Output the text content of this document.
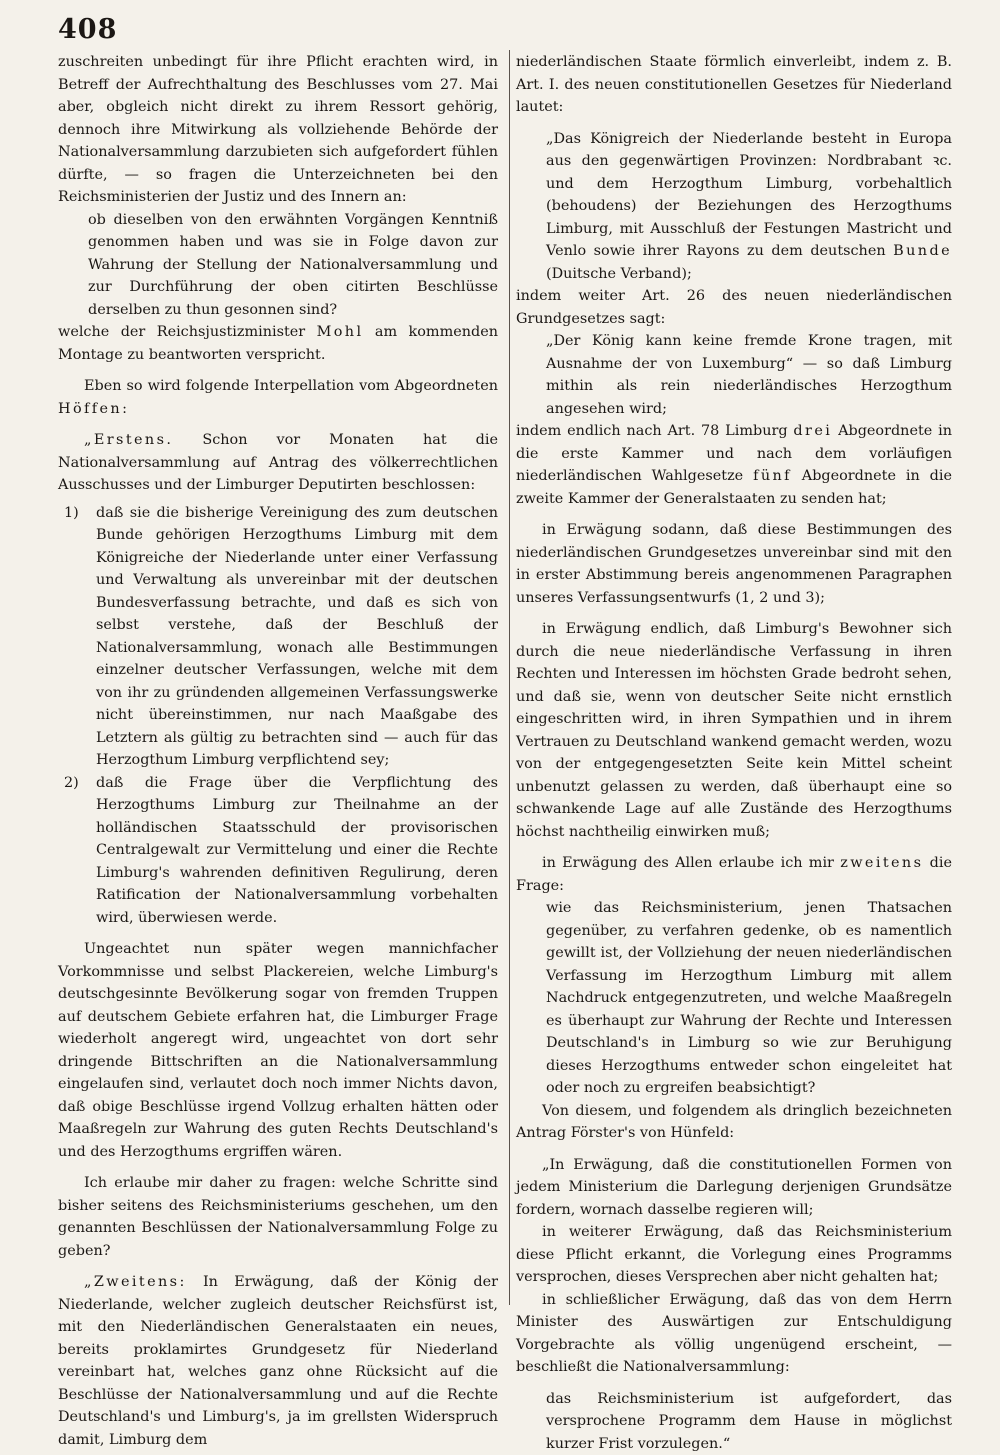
408

zuschreiten unbedingt für ihre Pflicht erachten wird, in Betreff der Aufrechthaltung des Beschlusses vom 27. Mai aber, obgleich nicht direkt zu ihrem Ressort gehörig, dennoch ihre Mitwirkung als vollziehende Behörde der Nationalversammlung darzubieten sich aufgefordert fühlen dürfte, — so fragen die Unterzeichneten bei den Reichsministerien der Justiz und des Innern an:

ob dieselben von den erwähnten Vorgängen Kenntniß genommen haben und was sie in Folge davon zur Wahrung der Stellung der Nationalversammlung und zur Durchführung der oben citirten Beschlüsse derselben zu thun gesonnen sind?

welche der Reichsjustizminister Mohl am kommenden Montage zu beantworten verspricht.

Eben so wird folgende Interpellation vom Abgeordneten Höffen:

„Erstens. Schon vor Monaten hat die Nationalversammlung auf Antrag des völkerrechtlichen Ausschusses und der Limburger Deputirten beschlossen:

1) daß sie die bisherige Vereinigung des zum deutschen Bunde gehörigen Herzogthums Limburg mit dem Königreiche der Niederlande unter einer Verfassung und Verwaltung als unvereinbar mit der deutschen Bundesverfassung betrachte, und daß es sich von selbst verstehe, daß der Beschluß der Nationalversammlung, wonach alle Bestimmungen einzelner deutscher Verfassungen, welche mit dem von ihr zu gründenden allgemeinen Verfassungswerke nicht übereinstimmen, nur nach Maaßgabe des Letztern als gültig zu betrachten sind — auch für das Herzogthum Limburg verpflichtend sey;
2) daß die Frage über die Verpflichtung des Herzogthums Limburg zur Theilnahme an der holländischen Staatsschuld der provisorischen Centralgewalt zur Vermittelung und einer die Rechte Limburg's wahrenden definitiven Regulirung, deren Ratification der Nationalversammlung vorbehalten wird, überwiesen werde.

Ungeachtet nun später wegen mannichfacher Vorkommnisse und selbst Plackereien, welche Limburg's deutschgesinnte Bevölkerung sogar von fremden Truppen auf deutschem Gebiete erfahren hat, die Limburger Frage wiederholt angeregt wird, ungeachtet von dort sehr dringende Bittschriften an die Nationalversammlung eingelaufen sind, verlautet doch noch immer Nichts davon, daß obige Beschlüsse irgend Vollzug erhalten hätten oder Maaßregeln zur Wahrung des guten Rechts Deutschland's und des Herzogthums ergriffen wären.

Ich erlaube mir daher zu fragen: welche Schritte sind bisher seitens des Reichsministeriums geschehen, um den genannten Beschlüssen der Nationalversammlung Folge zu geben?

„Zweitens: In Erwägung, daß der König der Niederlande, welcher zugleich deutscher Reichsfürst ist, mit den Niederländischen Generalstaaten ein neues, bereits proklamirtes Grundgesetz für Niederland vereinbart hat, welches ganz ohne Rücksicht auf die Beschlüsse der Nationalversammlung und auf die Rechte Deutschland's und Limburg's, ja im grellsten Widerspruch damit, Limburg dem

niederländischen Staate förmlich einverleibt, indem z. B. Art. I. des neuen constitutionellen Gesetzes für Niederland lautet:

„Das Königreich der Niederlande besteht in Europa aus den gegenwärtigen Provinzen: Nordbrabant ꝛc. und dem Herzogthum Limburg, vorbehaltlich (behoudens) der Beziehungen des Herzogthums Limburg, mit Ausschluß der Festungen Mastricht und Venlo sowie ihrer Rayons zu dem deutschen Bunde (Duitsche Verband);

indem weiter Art. 26 des neuen niederländischen Grundgesetzes sagt:

„Der König kann keine fremde Krone tragen, mit Ausnahme der von Luxemburg“ — so daß Limburg mithin als rein niederländisches Herzogthum angesehen wird;

indem endlich nach Art. 78 Limburg drei Abgeordnete in die erste Kammer und nach dem vorläufigen niederländischen Wahlgesetze fünf Abgeordnete in die zweite Kammer der Generalstaaten zu senden hat;

in Erwägung sodann, daß diese Bestimmungen des niederländischen Grundgesetzes unvereinbar sind mit den in erster Abstimmung bereis angenommenen Paragraphen unseres Verfassungsentwurfs (1, 2 und 3);

in Erwägung endlich, daß Limburg's Bewohner sich durch die neue niederländische Verfassung in ihren Rechten und Interessen im höchsten Grade bedroht sehen, und daß sie, wenn von deutscher Seite nicht ernstlich eingeschritten wird, in ihren Sympathien und in ihrem Vertrauen zu Deutschland wankend gemacht werden, wozu von der entgegengesetzten Seite kein Mittel scheint unbenutzt gelassen zu werden, daß überhaupt eine so schwankende Lage auf alle Zustände des Herzogthums höchst nachtheilig einwirken muß;

in Erwägung des Allen erlaube ich mir zweitens die Frage:

wie das Reichsministerium, jenen Thatsachen gegenüber, zu verfahren gedenke, ob es namentlich gewillt ist, der Vollziehung der neuen niederländischen Verfassung im Herzogthum Limburg mit allem Nachdruck entgegenzutreten, und welche Maaßregeln es überhaupt zur Wahrung der Rechte und Interessen Deutschland's in Limburg so wie zur Beruhigung dieses Herzogthums entweder schon eingeleitet hat oder noch zu ergreifen beabsichtigt?

Von diesem, und folgendem als dringlich bezeichneten Antrag Förster's von Hünfeld:

„In Erwägung, daß die constitutionellen Formen von jedem Ministerium die Darlegung derjenigen Grundsätze fordern, wornach dasselbe regieren will;

in weiterer Erwägung, daß das Reichsministerium diese Pflicht erkannt, die Vorlegung eines Programms versprochen, dieses Versprechen aber nicht gehalten hat;

in schließlicher Erwägung, daß das von dem Herrn Minister des Auswärtigen zur Entschuldigung Vorgebrachte als völlig ungenügend erscheint, — beschließt die Nationalversammlung:

das Reichsministerium ist aufgefordert, das versprochene Programm dem Hause in möglichst kurzer Frist vorzulegen.“
